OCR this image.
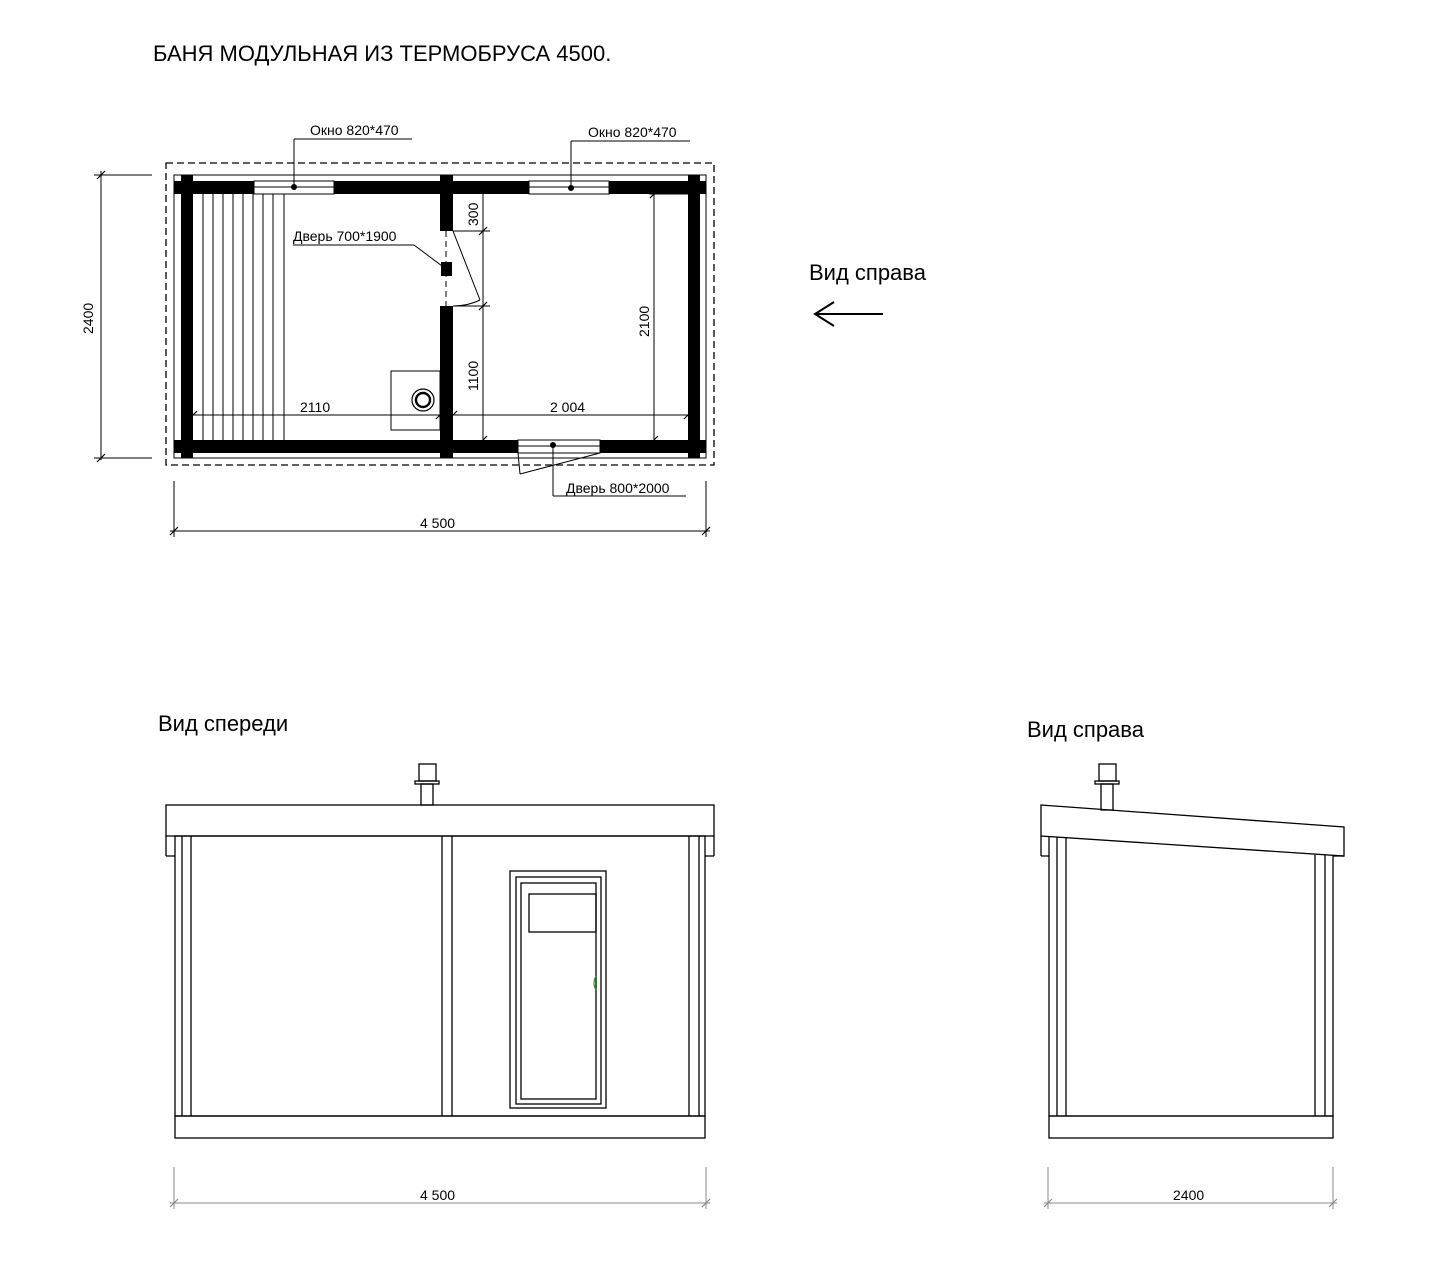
БАНЯ МОДУЛЬНАЯ ИЗ ТЕРМОБРУСА 4500.
2110	2 004
300
1100
2100
2400
4 500
Окно 820*470	Окно 820*470
Дверь 700*1900
Дверь 800*2000
Вид справа
Вид спереди
4 500
Вид справа
2400
